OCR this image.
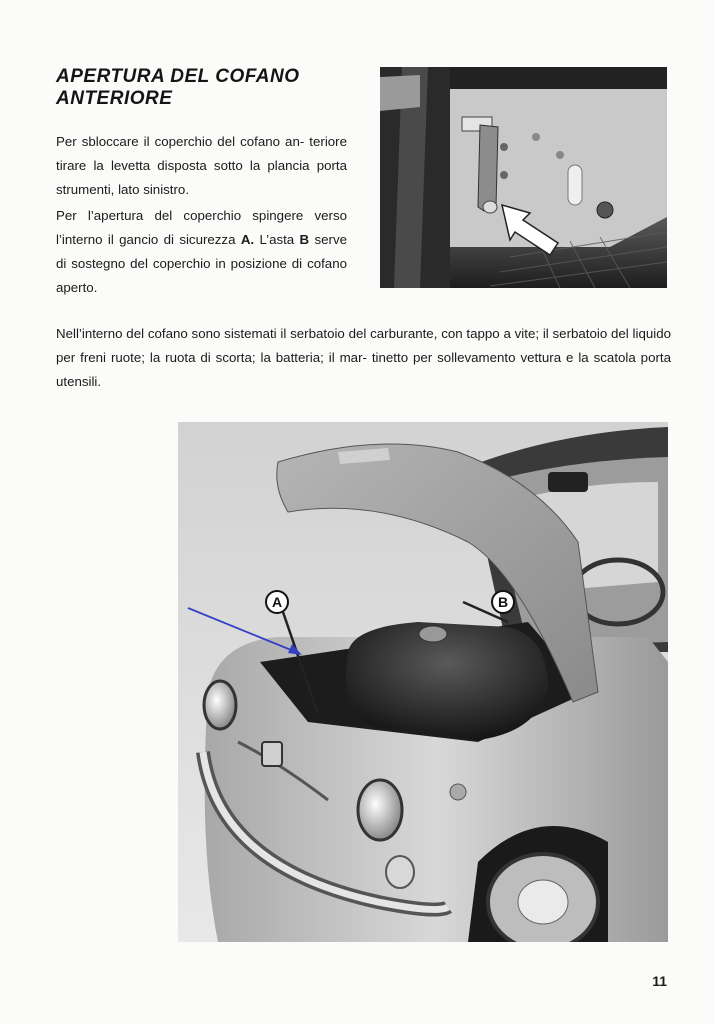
APERTURA DEL COFANO
ANTERIORE

Per sbloccare il coperchio del cofano an- teriore tirare la levetta disposta sotto la plancia porta strumenti, lato sinistro.

Per l’apertura del coperchio spingere verso l’interno il gancio di sicurezza A. L’asta B serve di sostegno del coperchio in posizione di cofano aperto.

Nell’interno del cofano sono sistemati il serbatoio del carburante, con tappo a vite; il serbatoio del liquido per freni ruote; la ruota di scorta; la batteria; il mar- tinetto per sollevamento vettura e la scatola porta utensili.

A	B
11
